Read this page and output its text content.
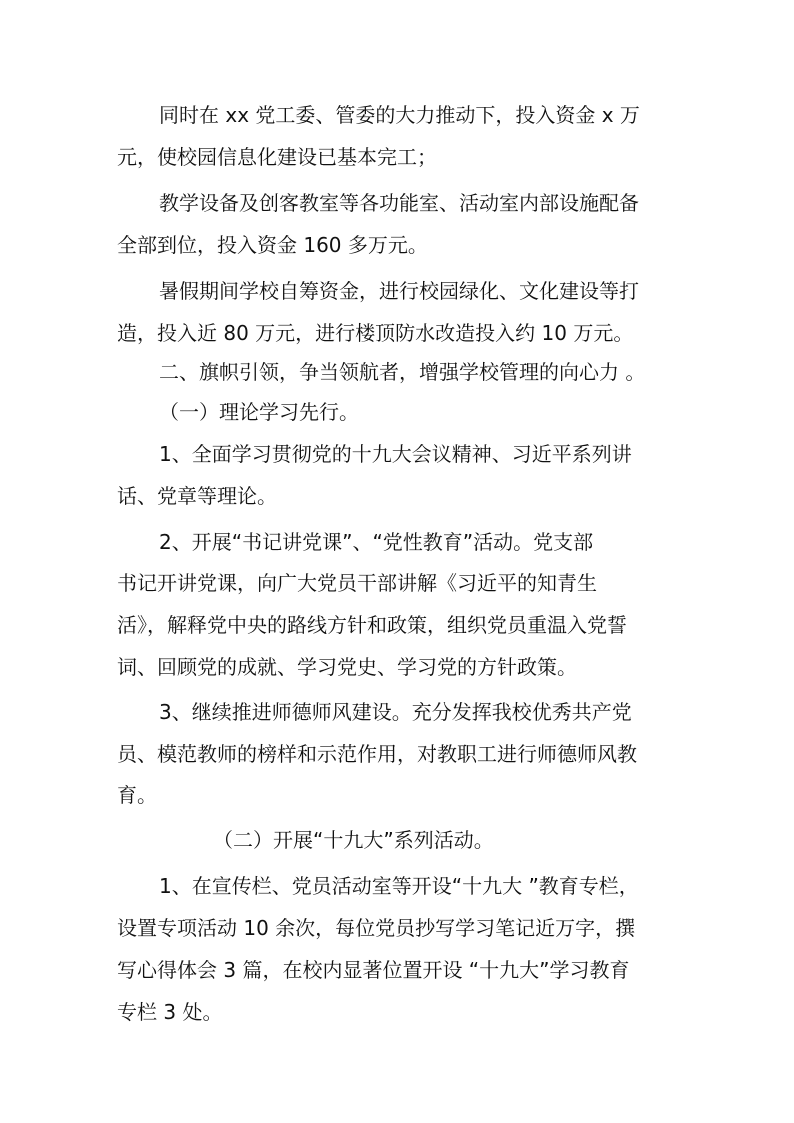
同时在 xx 党工委、管委的大力推动下，投入资金 x 万
元，使校园信息化建设已基本完工；
教学设备及创客教室等各功能室、活动室内部设施配备
全部到位，投入资金 160 多万元。
暑假期间学校自筹资金，进行校园绿化、文化建设等打
造，投入近 80 万元，进行楼顶防水改造投入约 10 万元。
二、旗帜引领，争当领航者，增强学校管理的向心力 。
（一）理论学习先行。
1、全面学习贯彻党的十九大会议精神、习近平系列讲
话、党章等理论。
2、开展“书记讲党课”、“党性教育”活动。党支部
书记开讲党课，向广大党员干部讲解《习近平的知青生
活》，解释党中央的路线方针和政策，组织党员重温入党誓
词、回顾党的成就、学习党史、学习党的方针政策。
3、继续推进师德师风建设。充分发挥我校优秀共产党
员、模范教师的榜样和示范作用，对教职工进行师德师风教
育。
（二）开展“十九大”系列活动。
1、在宣传栏、党员活动室等开设“十九大 ”教育专栏，
设置专项活动 10 余次，每位党员抄写学习笔记近万字，撰
写心得体会 3 篇，在校内显著位置开设 “十九大”学习教育
专栏 3 处。
